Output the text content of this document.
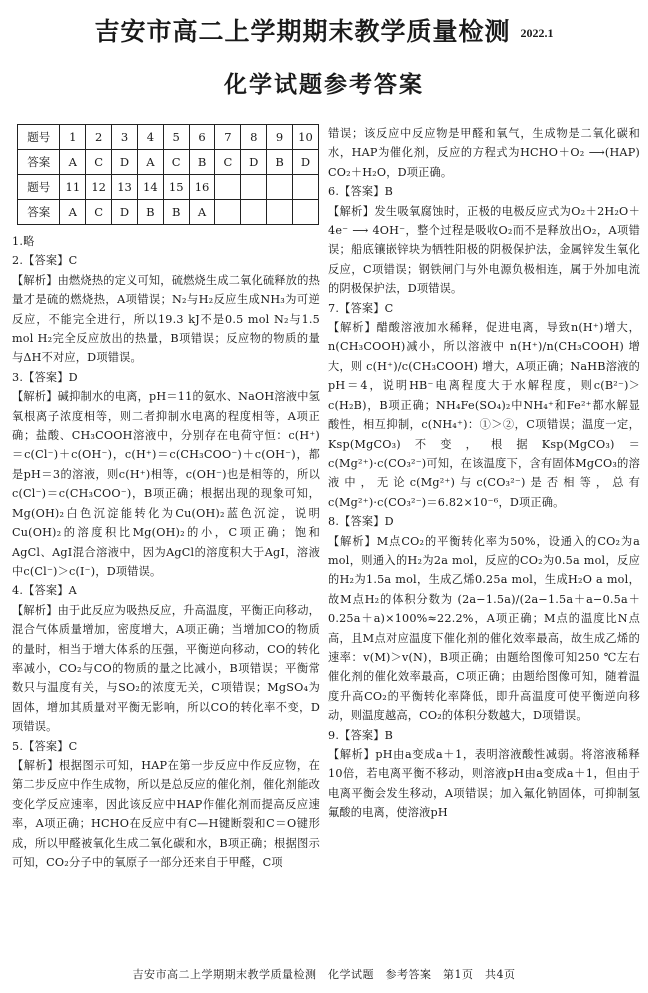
吉安市高二上学期期末教学质量检测 2022.1
化学试题参考答案
题号	1	2	3	4	5	6	7	8	9	10
答案	A	C	D	A	C	B	C	D	B	D
题号	11	12	13	14	15	16				
答案	A	C	D	B	B	A				

1.略

2.【答案】C

【解析】由燃烧热的定义可知，硫燃烧生成二氧化硫释放的热量才是硫的燃烧热，A项错误；N₂与H₂反应生成NH₃为可逆反应，不能完全进行，所以19.3 kJ不是0.5 mol N₂与1.5 mol H₂完全反应放出的热量，B项错误；反应物的物质的量与ΔH不对应，D项错误。

3.【答案】D

【解析】碱抑制水的电离，pH＝11的氨水、NaOH溶液中氢氧根离子浓度相等，则二者抑制水电离的程度相等，A项正确；盐酸、CH₃COOH溶液中，分别存在电荷守恒：c(H⁺)＝c(Cl⁻)＋c(OH⁻)，c(H⁺)＝c(CH₃COO⁻)＋c(OH⁻)，都是pH＝3的溶液，则c(H⁺)相等，c(OH⁻)也是相等的，所以c(Cl⁻)＝c(CH₃COO⁻)，B项正确；根据出现的现象可知，Mg(OH)₂白色沉淀能转化为Cu(OH)₂蓝色沉淀，说明Cu(OH)₂的溶度积比Mg(OH)₂的小，C项正确；饱和AgCl、AgI混合溶液中，因为AgCl的溶度积大于AgI，溶液中c(Cl⁻)＞c(I⁻)，D项错误。

4.【答案】A

【解析】由于此反应为吸热反应，升高温度，平衡正向移动，混合气体质量增加，密度增大，A项正确；当增加CO的物质的量时，相当于增大体系的压强，平衡逆向移动，CO的转化率减小，CO₂与CO的物质的量之比减小，B项错误；平衡常数只与温度有关，与SO₂的浓度无关，C项错误；MgSO₄为固体，增加其质量对平衡无影响，所以CO的转化率不变，D项错误。

5.【答案】C

【解析】根据图示可知，HAP在第一步反应中作反应物，在第二步反应中作生成物，所以是总反应的催化剂，催化剂能改变化学反应速率，因此该反应中HAP作催化剂而提高反应速率，A项正确；HCHO在反应中有C—H键断裂和C＝O键形成，所以甲醛被氧化生成二氧化碳和水，B项正确；根据图示可知，CO₂分子中的氧原子一部分还来自于甲醛，C项

错误；该反应中反应物是甲醛和氧气，生成物是二氧化碳和水，HAP为催化剂，反应的方程式为HCHO＋O₂ ⟶(HAP) CO₂＋H₂O，D项正确。

6.【答案】B

【解析】发生吸氧腐蚀时，正极的电极反应式为O₂＋2H₂O＋4e⁻ ⟶ 4OH⁻，整个过程是吸收O₂而不是释放出O₂，A项错误；船底镶嵌锌块为牺牲阳极的阴极保护法，金属锌发生氧化反应，C项错误；钢铁闸门与外电源负极相连，属于外加电流的阴极保护法，D项错误。

7.【答案】C

【解析】醋酸溶液加水稀释，促进电离，导致n(H⁺)增大，n(CH₃COOH)减小，所以溶液中 n(H⁺)/n(CH₃COOH) 增大，则 c(H⁺)/c(CH₃COOH) 增大，A项正确；NaHB溶液的pH＝4，说明HB⁻电离程度大于水解程度，则c(B²⁻)＞c(H₂B)，B项正确；NH₄Fe(SO₄)₂中NH₄⁺和Fe²⁺都水解显酸性，相互抑制，c(NH₄⁺)：①＞②，C项错误；温度一定，Ksp(MgCO₃)不变，根据Ksp(MgCO₃)＝c(Mg²⁺)·c(CO₃²⁻)可知，在该温度下，含有固体MgCO₃的溶液中，无论c(Mg²⁺)与c(CO₃²⁻)是否相等，总有c(Mg²⁺)·c(CO₃²⁻)＝6.82×10⁻⁶，D项正确。

8.【答案】D

【解析】M点CO₂的平衡转化率为50%，设通入的CO₂为a mol，则通入的H₂为2a mol，反应的CO₂为0.5a mol，反应的H₂为1.5a mol，生成乙烯0.25a mol，生成H₂O a mol，故M点H₂的体积分数为 (2a−1.5a)/(2a−1.5a＋a−0.5a＋0.25a＋a)×100%≈22.2%，A项正确；M点的温度比N点高，且M点对应温度下催化剂的催化效率最高，故生成乙烯的速率：v(M)＞v(N)，B项正确；由题给图像可知250 ℃左右催化剂的催化效率最高，C项正确；由题给图像可知，随着温度升高CO₂的平衡转化率降低，即升高温度可使平衡逆向移动，则温度越高，CO₂的体积分数越大，D项错误。

9.【答案】B

【解析】pH由a变成a＋1，表明溶液酸性减弱。将溶液稀释10倍，若电离平衡不移动，则溶液pH由a变成a＋1，但由于电离平衡会发生移动，A项错误；加入氟化钠固体，可抑制氢氟酸的电离，使溶液pH

吉安市高二上学期期末教学质量检测　化学试题　参考答案　第1页　共4页
